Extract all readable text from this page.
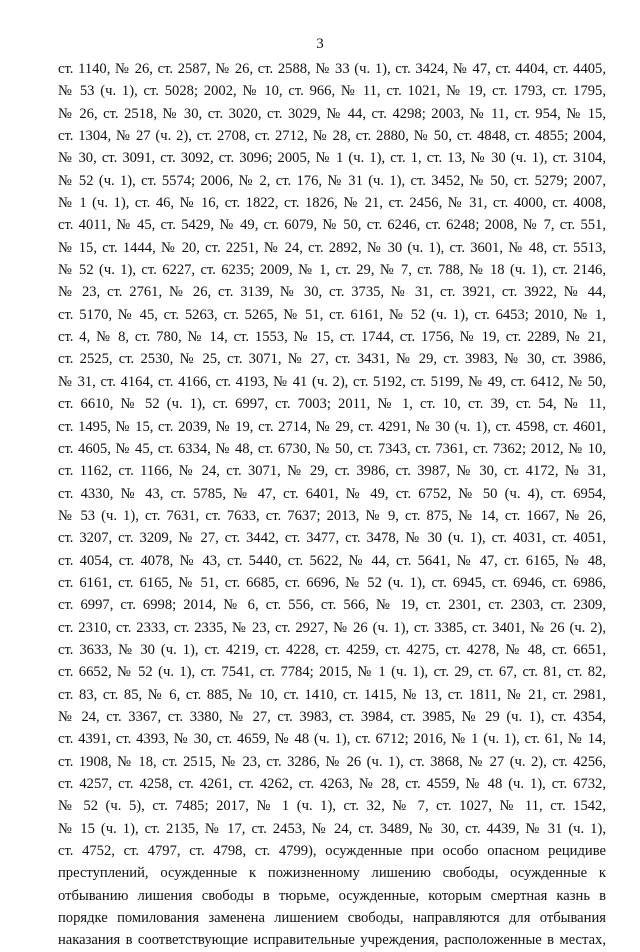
3
ст. 1140, № 26, ст. 2587, № 26, ст. 2588, № 33 (ч. 1), ст. 3424, № 47, ст. 4404, ст. 4405,
№ 53 (ч. 1), ст. 5028; 2002, № 10, ст. 966, № 11, ст. 1021, № 19, ст. 1793, ст. 1795,
№ 26, ст. 2518, № 30, ст. 3020, ст. 3029, № 44, ст. 4298; 2003, № 11, ст. 954, № 15,
ст. 1304, № 27 (ч. 2), ст. 2708, ст. 2712, № 28, ст. 2880, № 50, ст. 4848, ст. 4855; 2004,
№ 30, ст. 3091, ст. 3092, ст. 3096; 2005, № 1 (ч. 1), ст. 1, ст. 13, № 30 (ч. 1), ст. 3104,
№ 52 (ч. 1), ст. 5574; 2006, № 2, ст. 176, № 31 (ч. 1), ст. 3452, № 50, ст. 5279; 2007,
№ 1 (ч. 1), ст. 46, № 16, ст. 1822, ст. 1826, № 21, ст. 2456, № 31, ст. 4000, ст. 4008,
ст. 4011, № 45, ст. 5429, № 49, ст. 6079, № 50, ст. 6246, ст. 6248; 2008, № 7, ст. 551,
№ 15, ст. 1444, № 20, ст. 2251, № 24, ст. 2892, № 30 (ч. 1), ст. 3601, № 48, ст. 5513,
№ 52 (ч. 1), ст. 6227, ст. 6235; 2009, № 1, ст. 29, № 7, ст. 788, № 18 (ч. 1), ст. 2146,
№ 23, ст. 2761, № 26, ст. 3139, № 30, ст. 3735, № 31, ст. 3921, ст. 3922, № 44,
ст. 5170, № 45, ст. 5263, ст. 5265, № 51, ст. 6161, № 52 (ч. 1), ст. 6453; 2010, № 1,
ст. 4, № 8, ст. 780, № 14, ст. 1553, № 15, ст. 1744, ст. 1756, № 19, ст. 2289, № 21,
ст. 2525, ст. 2530, № 25, ст. 3071, № 27, ст. 3431, № 29, ст. 3983, № 30, ст. 3986,
№ 31, ст. 4164, ст. 4166, ст. 4193, № 41 (ч. 2), ст. 5192, ст. 5199, № 49, ст. 6412, № 50,
ст. 6610, № 52 (ч. 1), ст. 6997, ст. 7003; 2011, № 1, ст. 10, ст. 39, ст. 54, № 11,
ст. 1495, № 15, ст. 2039, № 19, ст. 2714, № 29, ст. 4291, № 30 (ч. 1), ст. 4598, ст. 4601,
ст. 4605, № 45, ст. 6334, № 48, ст. 6730, № 50, ст. 7343, ст. 7361, ст. 7362; 2012, № 10,
ст. 1162, ст. 1166, № 24, ст. 3071, № 29, ст. 3986, ст. 3987, № 30, ст. 4172, № 31,
ст. 4330, № 43, ст. 5785, № 47, ст. 6401, № 49, ст. 6752, № 50 (ч. 4), ст. 6954,
№ 53 (ч. 1), ст. 7631, ст. 7633, ст. 7637; 2013, № 9, ст. 875, № 14, ст. 1667, № 26,
ст. 3207, ст. 3209, № 27, ст. 3442, ст. 3477, ст. 3478, № 30 (ч. 1), ст. 4031, ст. 4051,
ст. 4054, ст. 4078, № 43, ст. 5440, ст. 5622, № 44, ст. 5641, № 47, ст. 6165, № 48,
ст. 6161, ст. 6165, № 51, ст. 6685, ст. 6696, № 52 (ч. 1), ст. 6945, ст. 6946, ст. 6986,
ст. 6997, ст. 6998; 2014, № 6, ст. 556, ст. 566, № 19, ст. 2301, ст. 2303, ст. 2309,
ст. 2310, ст. 2333, ст. 2335, № 23, ст. 2927, № 26 (ч. 1), ст. 3385, ст. 3401, № 26 (ч. 2),
ст. 3633, № 30 (ч. 1), ст. 4219, ст. 4228, ст. 4259, ст. 4275, ст. 4278, № 48, ст. 6651,
ст. 6652, № 52 (ч. 1), ст. 7541, ст. 7784; 2015, № 1 (ч. 1), ст. 29, ст. 67, ст. 81, ст. 82,
ст. 83, ст. 85, № 6, ст. 885, № 10, ст. 1410, ст. 1415, № 13, ст. 1811, № 21, ст. 2981,
№ 24, ст. 3367, ст. 3380, № 27, ст. 3983, ст. 3984, ст. 3985, № 29 (ч. 1), ст. 4354,
ст. 4391, ст. 4393, № 30, ст. 4659, № 48 (ч. 1), ст. 6712; 2016, № 1 (ч. 1), ст. 61, № 14,
ст. 1908, № 18, ст. 2515, № 23, ст. 3286, № 26 (ч. 1), ст. 3868, № 27 (ч. 2), ст. 4256,
ст. 4257, ст. 4258, ст. 4261, ст. 4262, ст. 4263, № 28, ст. 4559, № 48 (ч. 1), ст. 6732,
№ 52 (ч. 5), ст. 7485; 2017, № 1 (ч. 1), ст. 32, № 7, ст. 1027, № 11, ст. 1542,
№ 15 (ч. 1), ст. 2135, № 17, ст. 2453, № 24, ст. 3489, № 30, ст. 4439, № 31 (ч. 1),
ст. 4752, ст. 4797, ст. 4798, ст. 4799), осужденные при особо опасном рецидиве
преступлений, осужденные к пожизненному лишению свободы, осужденные к
отбыванию лишения свободы в тюрьме, осужденные, которым смертная казнь в
порядке помилования заменена лишением свободы, направляются для отбывания
наказания в соответствующие исправительные учреждения, расположенные в местах,
